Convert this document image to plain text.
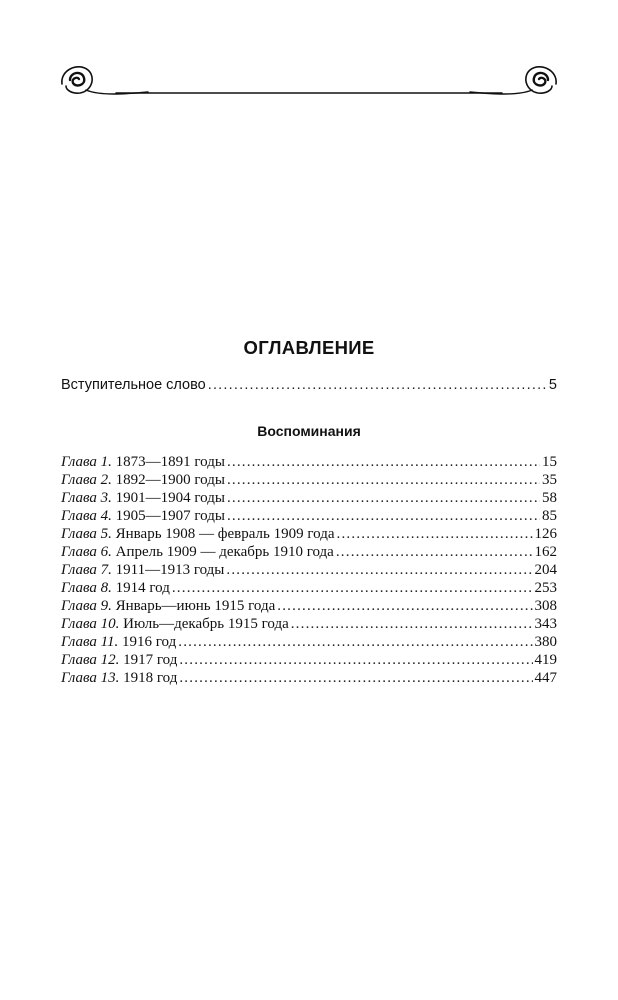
ОГЛАВЛЕНИЕ
Вступительное слово .....	5
Воспоминания
Глава 1. 1873—1891 годы .....	15
Глава 2. 1892—1900 годы .....	35
Глава 3. 1901—1904 годы .....	58
Глава 4. 1905—1907 годы .....	85
Глава 5. Январь 1908 — февраль 1909 года .....	126
Глава 6. Апрель 1909 — декабрь 1910 года .....	162
Глава 7. 1911—1913 годы .....	204
Глава 8. 1914 год .....	253
Глава 9. Январь—июнь 1915 года .....	308
Глава 10. Июль—декабрь 1915 года .....	343
Глава 11. 1916 год .....	380
Глава 12. 1917 год .....	419
Глава 13. 1918 год .....	447
